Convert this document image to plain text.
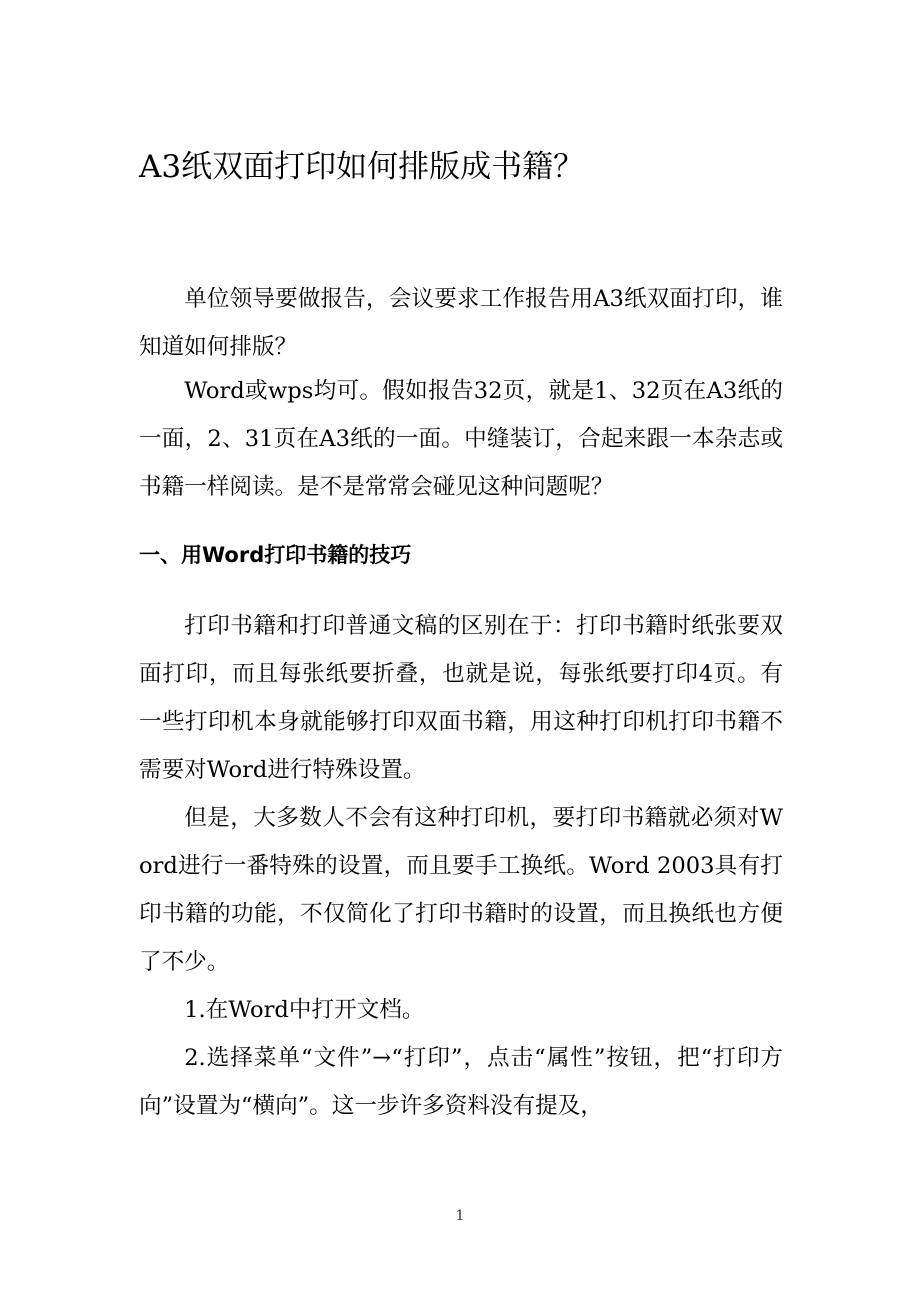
A3纸双面打印如何排版成书籍？

单位领导要做报告，会议要求工作报告用A3纸双面打印，谁知道如何排版？

Word或wps均可。假如报告32页，就是1、32页在A3纸的一面，2、31页在A3纸的一面。中缝装订，合起来跟一本杂志或书籍一样阅读。是不是常常会碰见这种问题呢？

一、用Word打印书籍的技巧

打印书籍和打印普通文稿的区别在于：打印书籍时纸张要双面打印，而且每张纸要折叠，也就是说，每张纸要打印4页。有一些打印机本身就能够打印双面书籍，用这种打印机打印书籍不需要对Word进行特殊设置。

但是，大多数人不会有这种打印机，要打印书籍就必须对Word进行一番特殊的设置，而且要手工换纸。Word 2003具有打印书籍的功能，不仅简化了打印书籍时的设置，而且换纸也方便了不少。

1.在Word中打开文档。

2.选择菜单“文件”→“打印”，点击“属性”按钮，把“打印方向”设置为“横向”。这一步许多资料没有提及，

1
